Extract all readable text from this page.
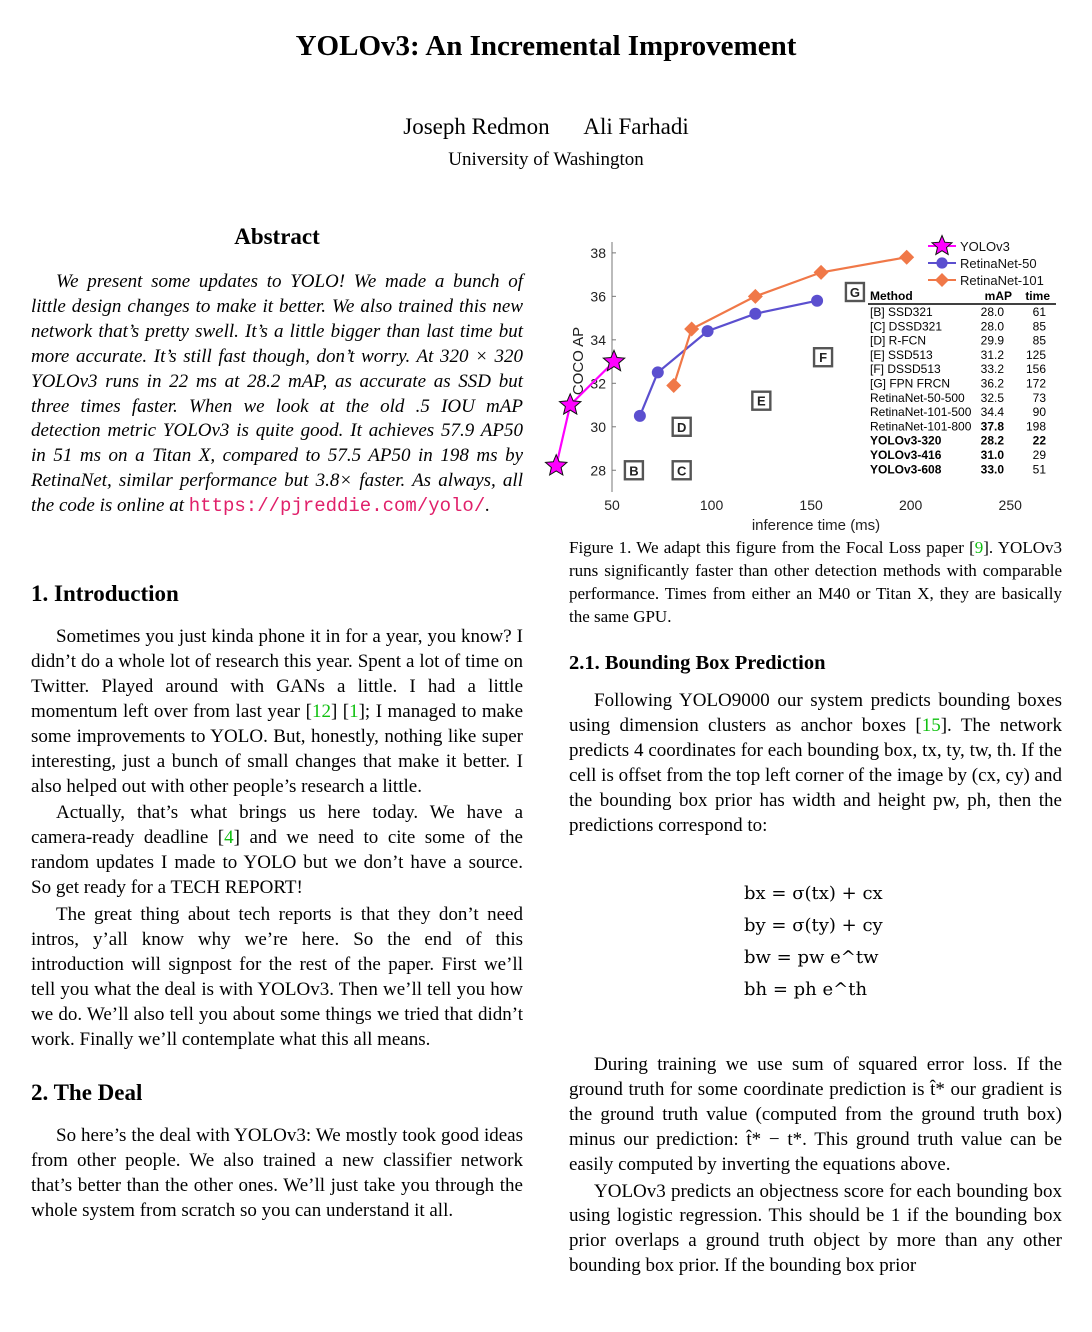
YOLOv3: An Incremental Improvement
Joseph Redmon Ali Farhadi
University of Washington
Abstract

We present some updates to YOLO! We made a bunch of little design changes to make it better. We also trained this new network that’s pretty swell. It’s a little bigger than last time but more accurate. It’s still fast though, don’t worry. At 320 × 320 YOLOv3 runs in 22 ms at 28.2 mAP, as accurate as SSD but three times faster. When we look at the old .5 IOU mAP detection metric YOLOv3 is quite good. It achieves 57.9 AP50 in 51 ms on a Titan X, compared to 57.5 AP50 in 198 ms by RetinaNet, similar performance but 3.8× faster. As always, all the code is online at https://pjreddie.com/yolo/.

1. Introduction

Sometimes you just kinda phone it in for a year, you know? I didn’t do a whole lot of research this year. Spent a lot of time on Twitter. Played around with GANs a little. I had a little momentum left over from last year [12] [1]; I managed to make some improvements to YOLO. But, honestly, nothing like super interesting, just a bunch of small changes that make it better. I also helped out with other people’s research a little.

Actually, that’s what brings us here today. We have a camera-ready deadline [4] and we need to cite some of the random updates I made to YOLO but we don’t have a source. So get ready for a TECH REPORT!

The great thing about tech reports is that they don’t need intros, y’all know why we’re here. So the end of this introduction will signpost for the rest of the paper. First we’ll tell you what the deal is with YOLOv3. Then we’ll tell you how we do. We’ll also tell you about some things we tried that didn’t work. Finally we’ll contemplate what this all means.

2. The Deal

So here’s the deal with YOLOv3: We mostly took good ideas from other people. We also trained a new classifier network that’s better than the other ones. We’ll just take you through the whole system from scratch so you can understand it all.

28
30
32
34
36
38
50	100	150	200	250
inference time (ms)
COCO AP
B	C
D
E
F
G
YOLOv3
RetinaNet-50
RetinaNet-101
Method	mAP time
[B] SSD321	28.0 61
[C] DSSD321	28.0 85
[D] R-FCN	29.9 85
[E] SSD513	31.2 125
[F] DSSD513	33.2 156
[G] FPN FRCN	36.2 172
RetinaNet-50-500 32.5 73
RetinaNet-101-500 34.4 90
RetinaNet-101-800 37.8 198
YOLOv3-320	28.2 22
YOLOv3-416	31.0 29
YOLOv3-608	33.0 51

Figure 1. We adapt this figure from the Focal Loss paper [9]. YOLOv3 runs significantly faster than other detection methods with comparable performance. Times from either an M40 or Titan X, they are basically the same GPU.

2.1. Bounding Box Prediction

Following YOLO9000 our system predicts bounding boxes using dimension clusters as anchor boxes [15]. The network predicts 4 coordinates for each bounding box, tx, ty, tw, th. If the cell is offset from the top left corner of the image by (cx, cy) and the bounding box prior has width and height pw, ph, then the predictions correspond to:

bx = σ(tx) + cx
by = σ(ty) + cy
bw = pw e^tw
bh = ph e^th

During training we use sum of squared error loss. If the ground truth for some coordinate prediction is t̂* our gradient is the ground truth value (computed from the ground truth box) minus our prediction: t̂* − t*. This ground truth value can be easily computed by inverting the equations above.

YOLOv3 predicts an objectness score for each bounding box using logistic regression. This should be 1 if the bounding box prior overlaps a ground truth object by more than any other bounding box prior. If the bounding box prior
